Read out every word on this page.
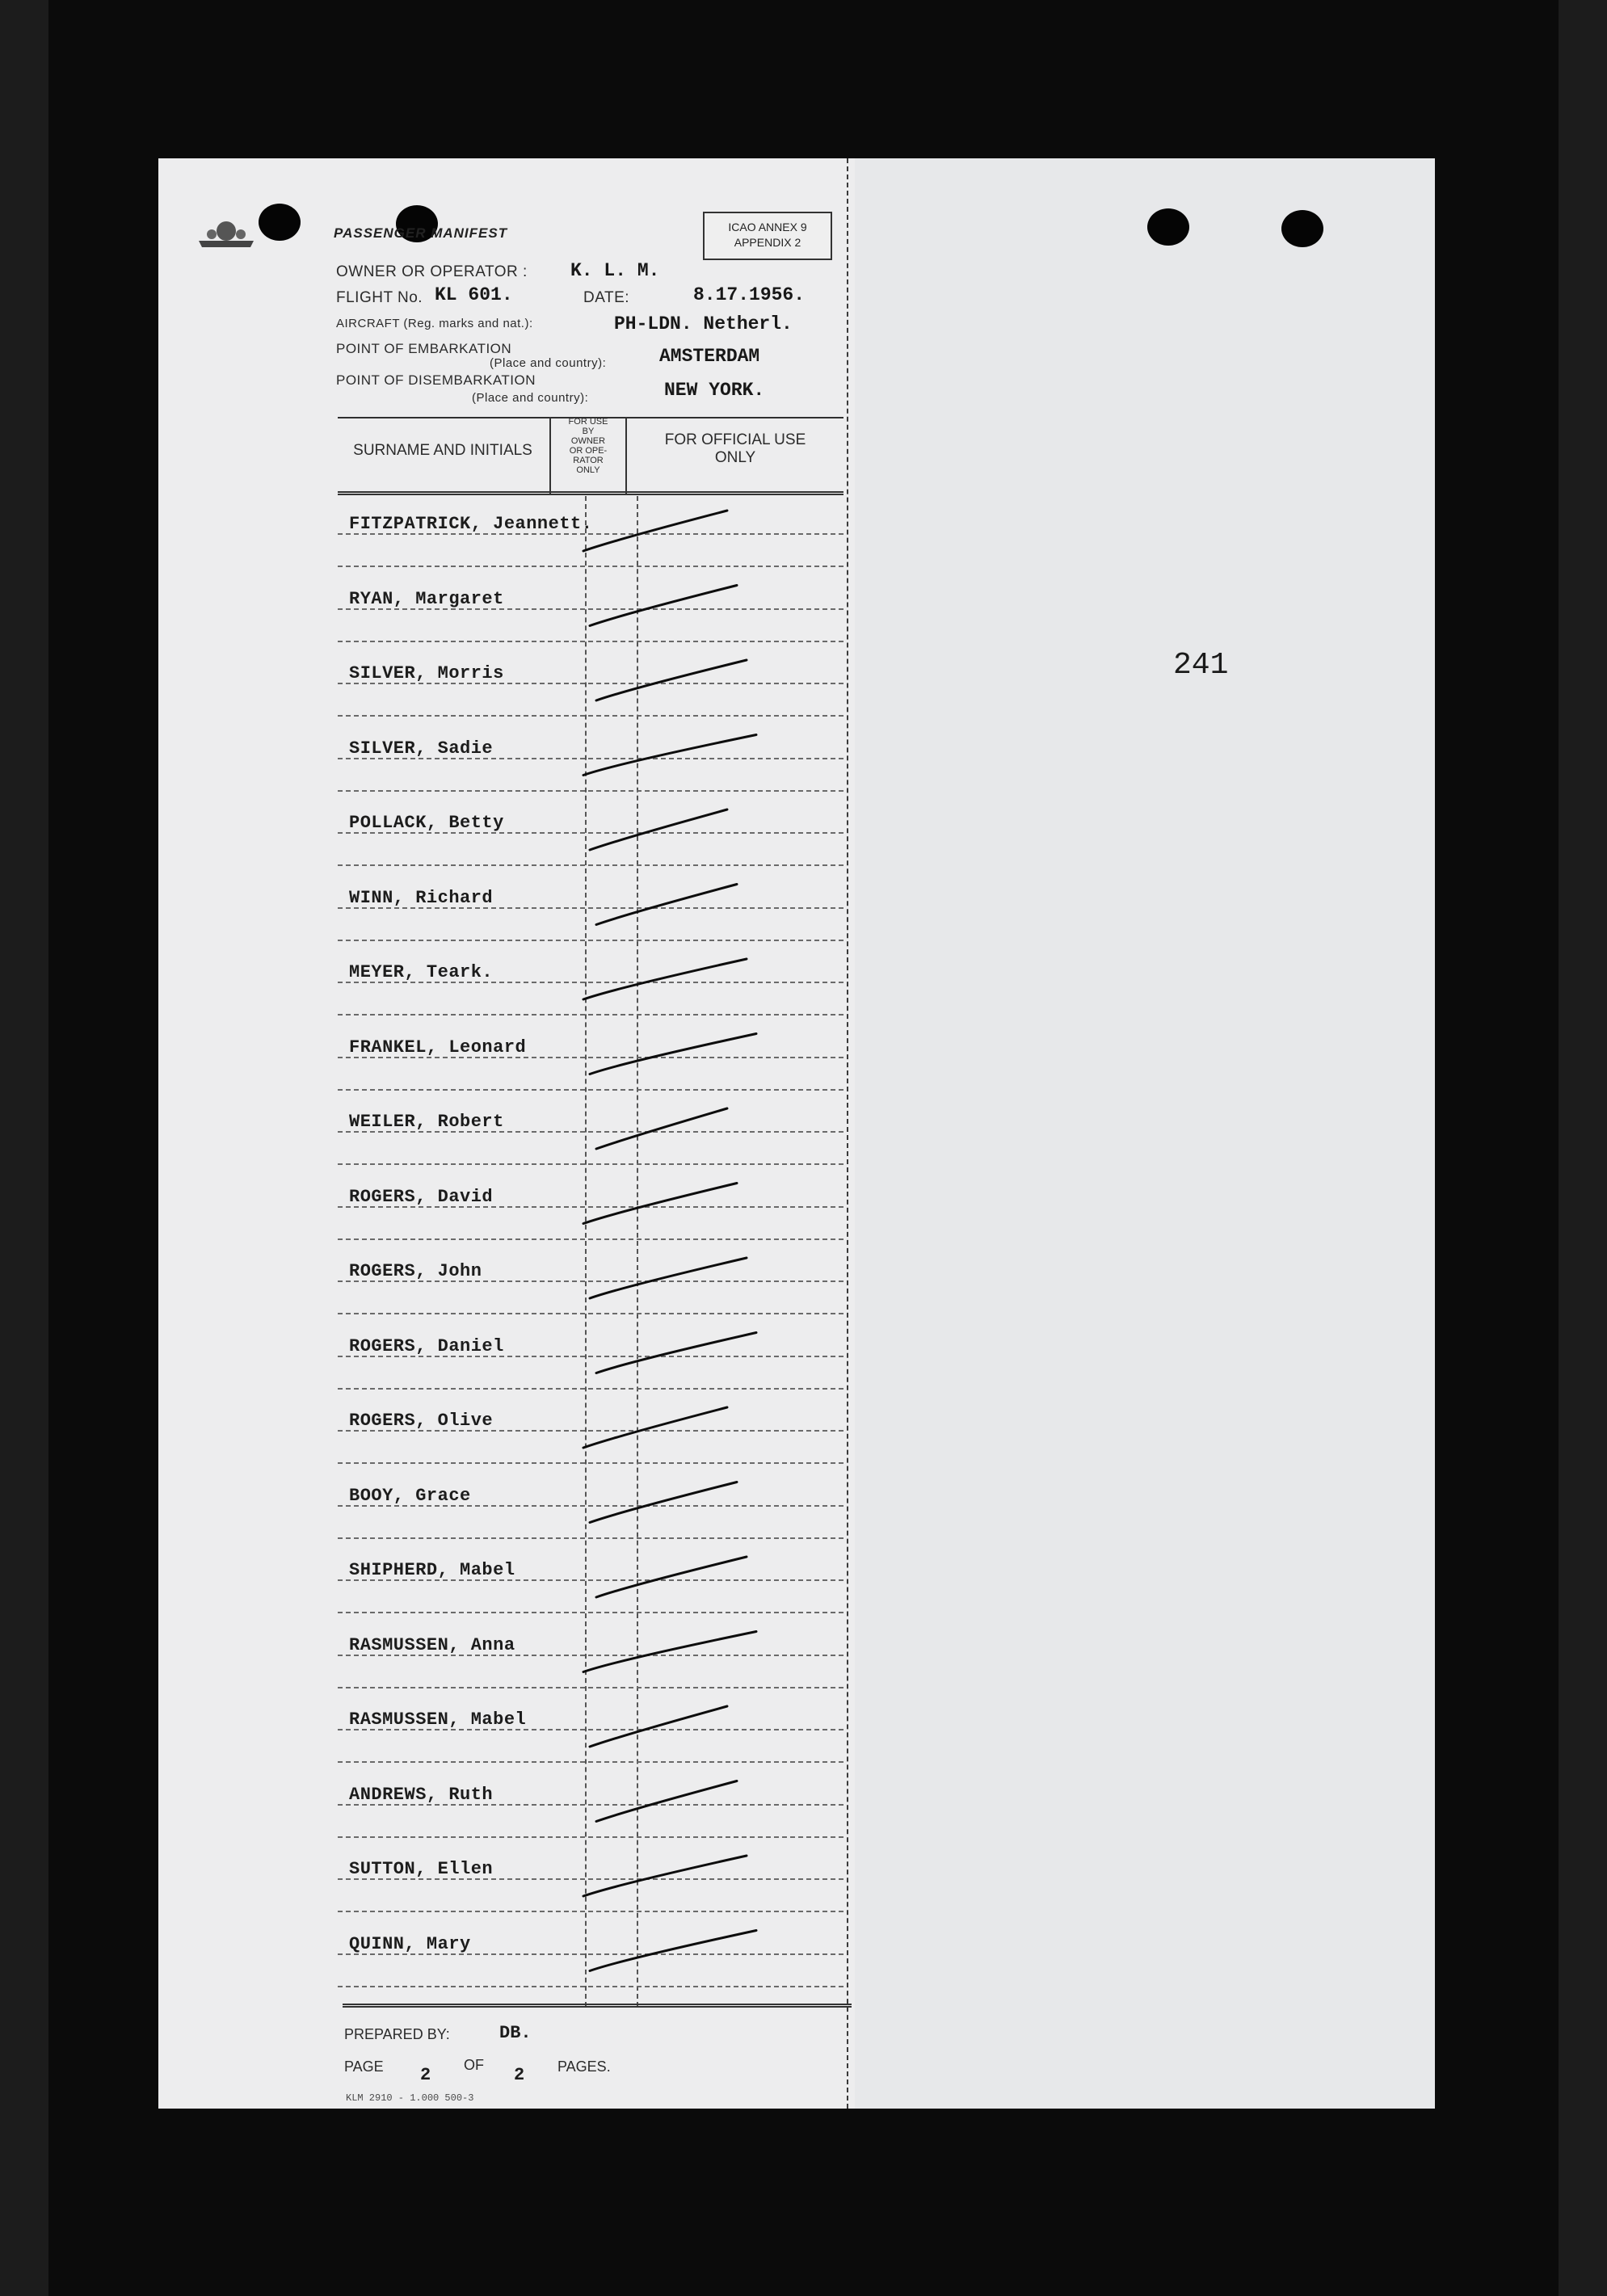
241
PASSENGER MANIFEST	ICAO ANNEX 9
APPENDIX 2
OWNER OR OPERATOR : K. L. M.
FLIGHT No. KL 601.	DATE:	8.17.1956.
AIRCRAFT (Reg. marks and nat.):	PH-LDN. Netherl.
POINT OF EMBARKATION
(Place and country):	AMSTERDAM
POINT OF DISEMBARKATION
(Place and country):	NEW YORK.
SURNAME AND INITIALS
FOR USE
BY
OWNER
OR OPE-
RATOR
ONLY
FOR OFFICIAL USE
ONLY
FITZPATRICK, Jeannett.
RYAN, Margaret
SILVER, Morris
SILVER, Sadie
POLLACK, Betty
WINN, Richard
MEYER, Teark.
FRANKEL, Leonard
WEILER, Robert
ROGERS, David
ROGERS, John
ROGERS, Daniel
ROGERS, Olive
BOOY, Grace
SHIPHERD, Mabel
RASMUSSEN, Anna
RASMUSSEN, Mabel
ANDREWS, Ruth
SUTTON, Ellen
QUINN, Mary
PREPARED BY:	DB.
PAGE 2 OF 2 PAGES.
KLM 2910 - 1.000 500-3
